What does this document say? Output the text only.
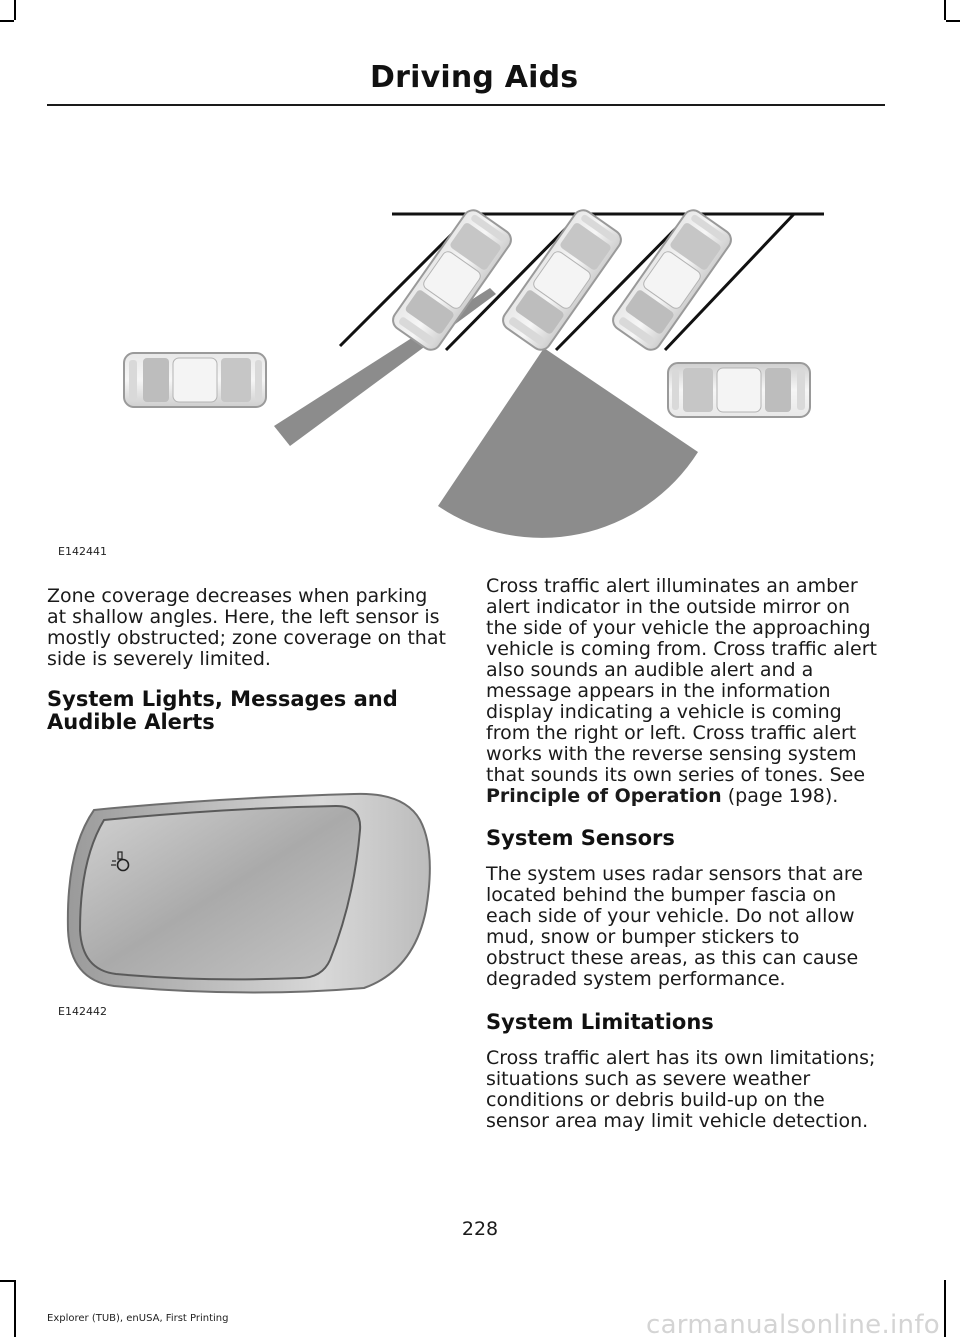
Driving Aids
E142441
Zone coverage decreases when parking at shallow angles. Here, the left sensor is mostly obstructed; zone coverage on that side is severely limited.
System Lights, Messages and Audible Alerts
E142442
Cross traffic alert illuminates an amber alert indicator in the outside mirror on the side of your vehicle the approaching vehicle is coming from. Cross traffic alert also sounds an audible alert and a message appears in the information display indicating a vehicle is coming from the right or left. Cross traffic alert works with the reverse sensing system that sounds its own series of tones. See
Principle of Operation (page 198).
System Sensors
The system uses radar sensors that are located behind the bumper fascia on each side of your vehicle. Do not allow mud, snow or bumper stickers to obstruct these areas, as this can cause degraded system performance.
System Limitations
Cross traffic alert has its own limitations; situations such as severe weather conditions or debris build-up on the sensor area may limit vehicle detection.
228
Explorer (TUB), enUSA, First Printing	carmanualsonline.info
